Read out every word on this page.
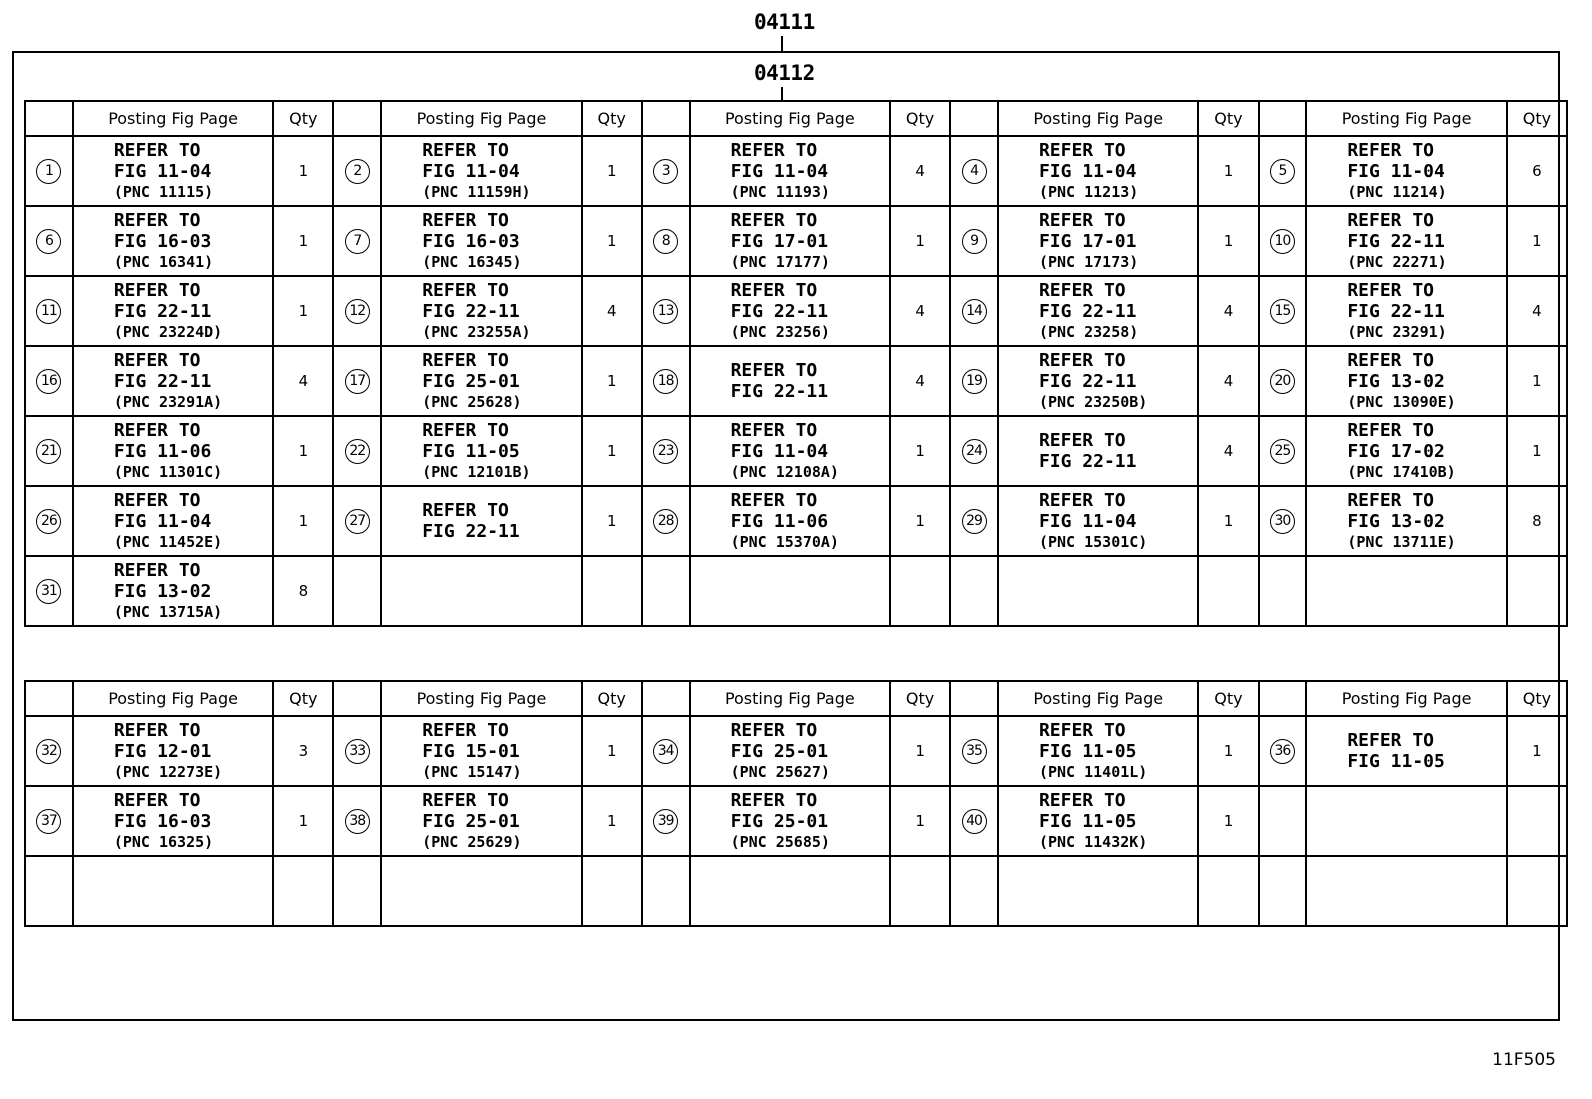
04111
04112
	Posting Fig Page	Qty		Posting Fig Page	Qty		Posting Fig Page	Qty		Posting Fig Page	Qty		Posting Fig Page	Qty
1	REFER TO
FIG 11-04
(PNC 11115)	1	2	REFER TO
FIG 11-04
(PNC 11159H)	1	3	REFER TO
FIG 11-04
(PNC 11193)	4	4	REFER TO
FIG 11-04
(PNC 11213)	1	5	REFER TO
FIG 11-04
(PNC 11214)	6
6	REFER TO
FIG 16-03
(PNC 16341)	1	7	REFER TO
FIG 16-03
(PNC 16345)	1	8	REFER TO
FIG 17-01
(PNC 17177)	1	9	REFER TO
FIG 17-01
(PNC 17173)	1	10	REFER TO
FIG 22-11
(PNC 22271)	1
11	REFER TO
FIG 22-11
(PNC 23224D)	1	12	REFER TO
FIG 22-11
(PNC 23255A)	4	13	REFER TO
FIG 22-11
(PNC 23256)	4	14	REFER TO
FIG 22-11
(PNC 23258)	4	15	REFER TO
FIG 22-11
(PNC 23291)	4
16	REFER TO
FIG 22-11
(PNC 23291A)	4	17	REFER TO
FIG 25-01
(PNC 25628)	1	18	REFER TO
FIG 22-11	4	19	REFER TO
FIG 22-11
(PNC 23250B)	4	20	REFER TO
FIG 13-02
(PNC 13090E)	1
21	REFER TO
FIG 11-06
(PNC 11301C)	1	22	REFER TO
FIG 11-05
(PNC 12101B)	1	23	REFER TO
FIG 11-04
(PNC 12108A)	1	24	REFER TO
FIG 22-11	4	25	REFER TO
FIG 17-02
(PNC 17410B)	1
26	REFER TO
FIG 11-04
(PNC 11452E)	1	27	REFER TO
FIG 22-11	1	28	REFER TO
FIG 11-06
(PNC 15370A)	1	29	REFER TO
FIG 11-04
(PNC 15301C)	1	30	REFER TO
FIG 13-02
(PNC 13711E)	8
31	REFER TO
FIG 13-02
(PNC 13715A)	8												
	Posting Fig Page	Qty		Posting Fig Page	Qty		Posting Fig Page	Qty		Posting Fig Page	Qty		Posting Fig Page	Qty
32	REFER TO
FIG 12-01
(PNC 12273E)	3	33	REFER TO
FIG 15-01
(PNC 15147)	1	34	REFER TO
FIG 25-01
(PNC 25627)	1	35	REFER TO
FIG 11-05
(PNC 11401L)	1	36	REFER TO
FIG 11-05	1
37	REFER TO
FIG 16-03
(PNC 16325)	1	38	REFER TO
FIG 25-01
(PNC 25629)	1	39	REFER TO
FIG 25-01
(PNC 25685)	1	40	REFER TO
FIG 11-05
(PNC 11432K)	1			

11F505
